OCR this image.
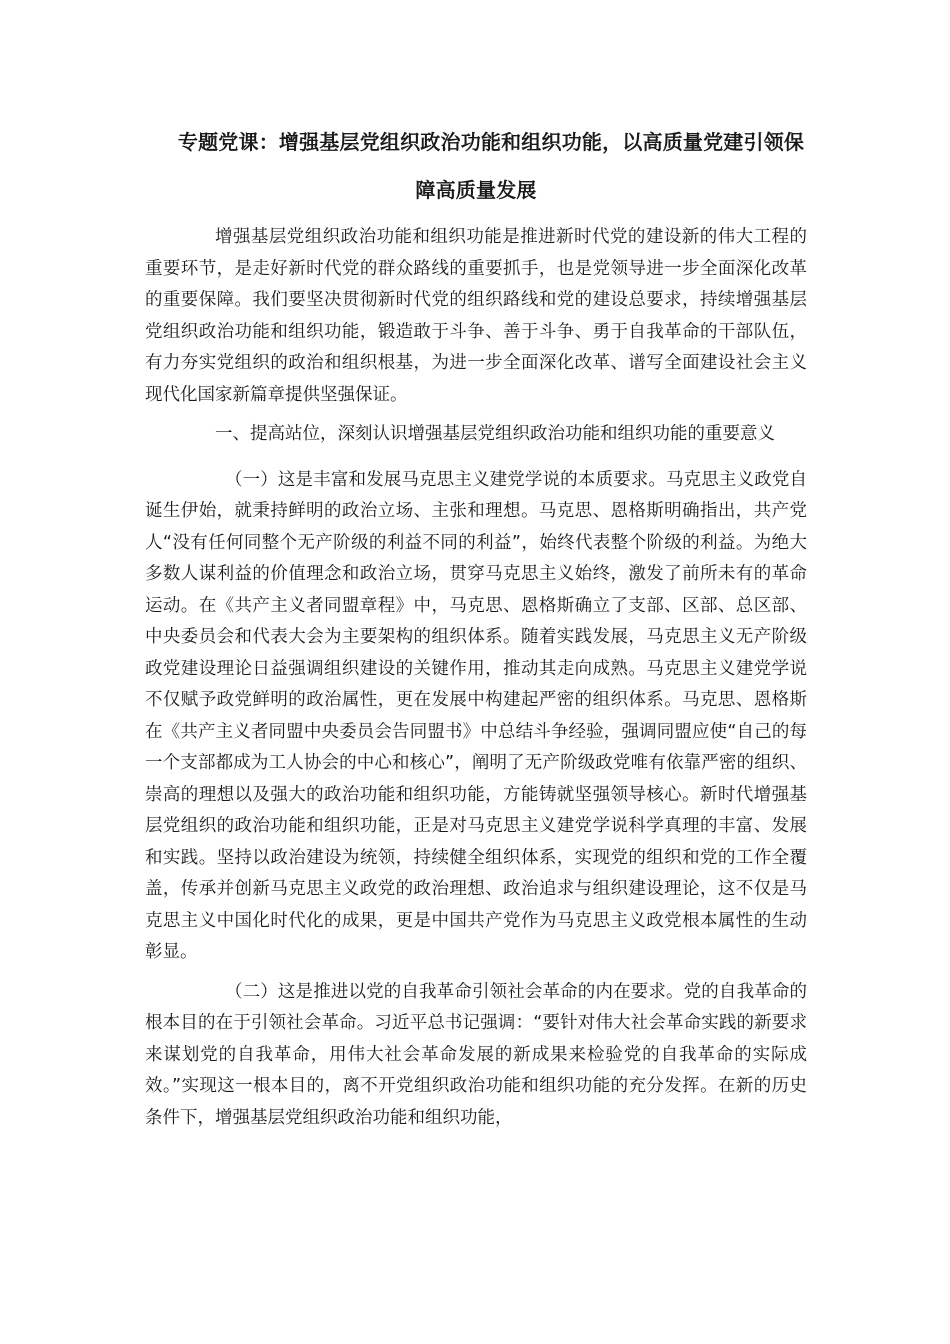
专题党课：增强基层党组织政治功能和组织功能，以高质量党建引领保障高质量发展

增强基层党组织政治功能和组织功能是推进新时代党的建设新的伟大工程的重要环节，是走好新时代党的群众路线的重要抓手，也是党领导进一步全面深化改革的重要保障。我们要坚决贯彻新时代党的组织路线和党的建设总要求，持续增强基层党组织政治功能和组织功能，锻造敢于斗争、善于斗争、勇于自我革命的干部队伍，有力夯实党组织的政治和组织根基，为进一步全面深化改革、谱写全面建设社会主义现代化国家新篇章提供坚强保证。

一、提高站位，深刻认识增强基层党组织政治功能和组织功能的重要意义

（一）这是丰富和发展马克思主义建党学说的本质要求。马克思主义政党自诞生伊始，就秉持鲜明的政治立场、主张和理想。马克思、恩格斯明确指出，共产党人“没有任何同整个无产阶级的利益不同的利益”，始终代表整个阶级的利益。为绝大多数人谋利益的价值理念和政治立场，贯穿马克思主义始终，激发了前所未有的革命运动。在《共产主义者同盟章程》中，马克思、恩格斯确立了支部、区部、总区部、中央委员会和代表大会为主要架构的组织体系。随着实践发展，马克思主义无产阶级政党建设理论日益强调组织建设的关键作用，推动其走向成熟。马克思主义建党学说不仅赋予政党鲜明的政治属性，更在发展中构建起严密的组织体系。马克思、恩格斯在《共产主义者同盟中央委员会告同盟书》中总结斗争经验，强调同盟应使“自己的每一个支部都成为工人协会的中心和核心”，阐明了无产阶级政党唯有依靠严密的组织、崇高的理想以及强大的政治功能和组织功能，方能铸就坚强领导核心。新时代增强基层党组织的政治功能和组织功能，正是对马克思主义建党学说科学真理的丰富、发展和实践。坚持以政治建设为统领，持续健全组织体系，实现党的组织和党的工作全覆盖，传承并创新马克思主义政党的政治理想、政治追求与组织建设理论，这不仅是马克思主义中国化时代化的成果，更是中国共产党作为马克思主义政党根本属性的生动彰显。

（二）这是推进以党的自我革命引领社会革命的内在要求。党的自我革命的根本目的在于引领社会革命。习近平总书记强调：“要针对伟大社会革命实践的新要求来谋划党的自我革命，用伟大社会革命发展的新成果来检验党的自我革命的实际成效。”实现这一根本目的，离不开党组织政治功能和组织功能的充分发挥。在新的历史条件下，增强基层党组织政治功能和组织功能，
